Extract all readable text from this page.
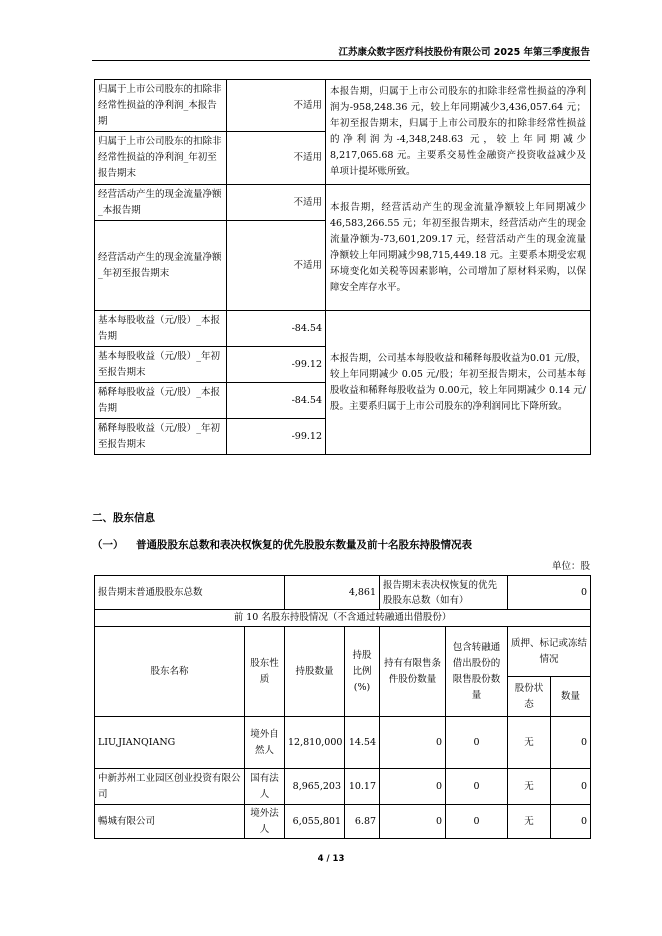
江苏康众数字医疗科技股份有限公司 2025 年第三季度报告
归属于上市公司股东的扣除非经常性损益的净利润_本报告期	不适用	本报告期，归属于上市公司股东的扣除非经常性损益的净利润为-958,248.36 元，较上年同期减少3,436,057.64 元；年初至报告期末，归属于上市公司股东的扣除非经常性损益的净利润为-4,348,248.63 元，较上年同期减少 8,217,065.68 元。主要系交易性金融资产投资收益减少及单项计提坏账所致。
归属于上市公司股东的扣除非经常性损益的净利润_年初至报告期末	不适用	
经营活动产生的现金流量净额_本报告期	不适用	本报告期，经营活动产生的现金流量净额较上年同期减少 46,583,266.55 元；年初至报告期末，经营活动产生的现金流量净额为-73,601,209.17 元，经营活动产生的现金流量净额较上年同期减少98,715,449.18 元。主要系本期受宏观环境变化如关税等因素影响，公司增加了原材料采购，以保障安全库存水平。
经营活动产生的现金流量净额_年初至报告期末	不适用	
基本每股收益（元/股）_本报告期	-84.54	本报告期，公司基本每股收益和稀释每股收益为0.01 元/股，较上年同期减少 0.05 元/股；年初至报告期末，公司基本每股收益和稀释每股收益为 0.00元，较上年同期减少 0.14 元/股。主要系归属于上市公司股东的净利润同比下降所致。
基本每股收益（元/股）_年初至报告期末	-99.12	
稀释每股收益（元/股）_本报告期	-84.54	
稀释每股收益（元/股）_年初至报告期末	-99.12	
二、股东信息
（一） 普通股股东总数和表决权恢复的优先股股东数量及前十名股东持股情况表
单位：股
报告期末普通股股东总数		4,861		报告期末表决权恢复的优先股股东总数（如有）		0	
前 10 名股东持股情况（不含通过转融通出借股份）							
股东名称	股东性质	持股数量	持股比例(%)	持有有限售条件股份数量	包含转融通借出股份的限售股份数量	质押、标记或冻结情况	
						股份状态	数量
LIU,JIANQIANG	境外自然人	12,810,000	14.54	0	0	无	0
中新苏州工业园区创业投资有限公司	国有法人	8,965,203	10.17	0	0	无	0
暢城有限公司	境外法人	6,055,801	6.87	0	0	无	0
4 / 13
